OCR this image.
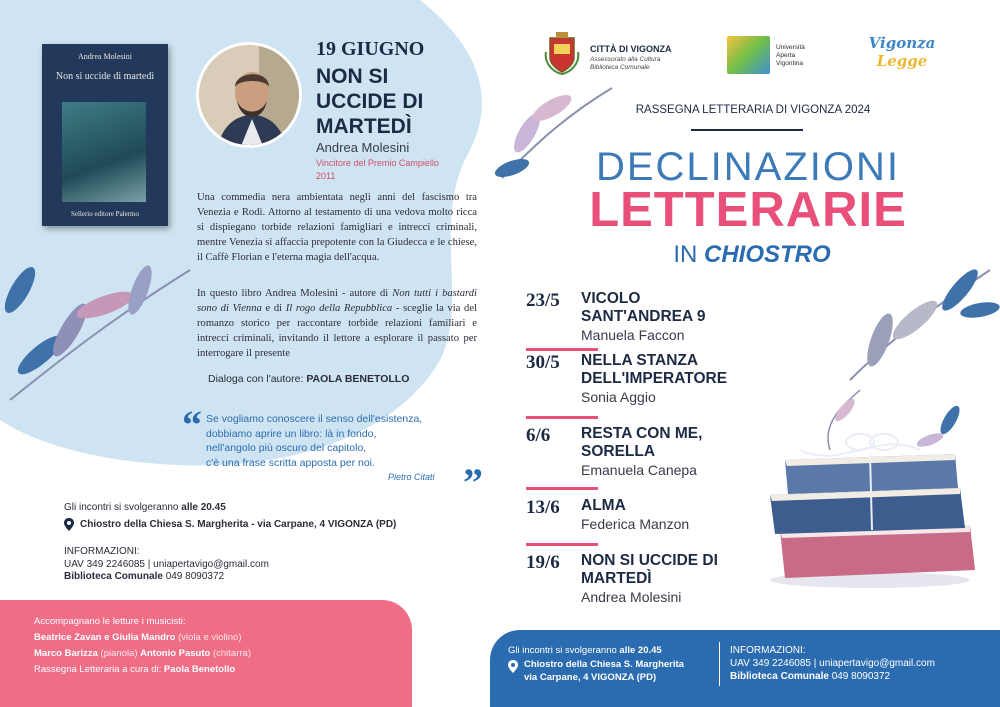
Andrea Molesini
Non si uccide di martedì
Sellerio editore Palermo
19 GIUGNO
NON SI UCCIDE DI MARTEDÌ
Andrea Molesini
Vincitore del Premio Campiello 2011
Una commedia nera ambientata negli anni del fascismo tra Venezia e Rodi. Attorno al testamento di una vedova molto ricca si dispiegano torbide relazioni famigliari e intrecci criminali, mentre Venezia si affaccia prepotente con la Giudecca e le chiese, il Caffè Florian e l'eterna magia dell'acqua.
In questo libro Andrea Molesini - autore di Non tutti i bastardi sono di Vienna e di Il rogo della Repubblica - sceglie la via del romanzo storico per raccontare torbide relazioni familiari e intrecci criminali, invitando il lettore a esplorare il passato per interrogare il presente
Dialoga con l'autore: PAOLA BENETOLLO
“ Se vogliamo conoscere il senso dell'esistenza,
dobbiamo aprire un libro: là in fondo,
nell'angolo più oscuro del capitolo,
c'è una frase scritta apposta per noi.
Pietro Citati ”
Gli incontri si svolgeranno alle 20.45
Chiostro della Chiesa S. Margherita - via Carpane, 4 VIGONZA (PD)
INFORMAZIONI:
UAV 349 2246085 | uniapertavigo@gmail.com
Biblioteca Comunale 049 8090372
Accompagnano le letture i musicisti:
Beatrice Zavan e Giulia Mandro (viola e violino)
Marco Barizza (pianola) Antonio Pasuto (chitarra)
Rassegna Letteraria a cura di: Paola Benetollo
CITTÀ DI VIGONZA
Assessorato alla Cultura
Biblioteca Comunale
Università
Aperta
Vigontina
Vigonza
Legge
RASSEGNA LETTERARIA DI VIGONZA 2024
DECLINAZIONI
LETTERARIE
IN CHIOSTRO
23/5 VICOLO SANT'ANDREA 9
Manuela Faccon
30/5 NELLA STANZA DELL'IMPERATORE
Sonia Aggio
6/6 RESTA CON ME, SORELLA
Emanuela Canepa
13/6 ALMA
Federica Manzon
19/6 NON SI UCCIDE DI MARTEDÌ
Andrea Molesini
Gli incontri si svolgeranno alle 20.45
Chiostro della Chiesa S. Margherita
via Carpane, 4 VIGONZA (PD)
INFORMAZIONI:
UAV 349 2246085 | uniapertavigo@gmail.com
Biblioteca Comunale 049 8090372
